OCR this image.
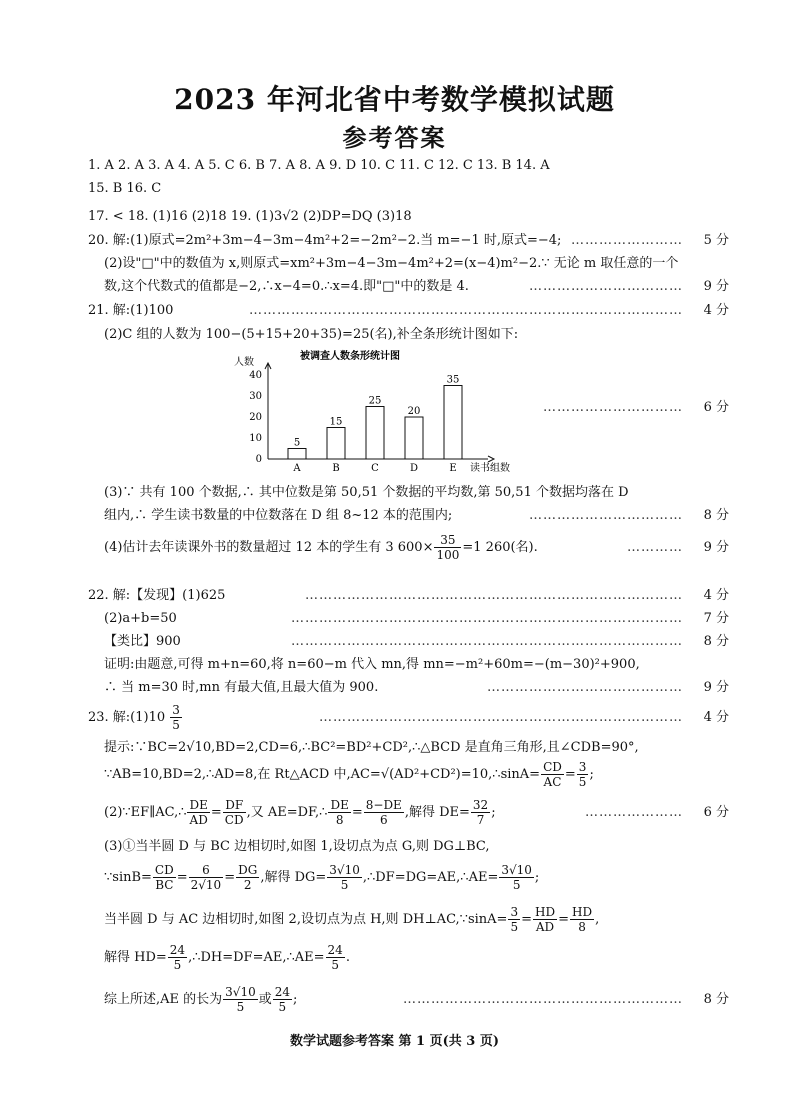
2023 年河北省中考数学模拟试题
参考答案
1. A 2. A 3. A 4. A 5. C 6. B 7. A 8. A 9. D 10. C 11. C 12. C 13. B 14. A
15. B 16. C
17. < 18. (1)16 (2)18 19. (1)3√2 (2)DP=DQ (3)18
20. 解:(1)原式=2m²+3m−4−3m−4m²+2=−2m²−2.当 m=−1 时,原式=−4; …………………… 5 分
(2)设"□"中的数值为 x,则原式=xm²+3m−4−3m−4m²+2=(x−4)m²−2.∵ 无论 m 取任意的一个
数,这个代数式的值都是−2,∴x−4=0.∴x=4.即"□"中的数是 4.	…………………………… 9 分
21. 解:(1)100	………………………………………………………………………………… 4 分
(2)C 组的人数为 100−(5+15+20+35)=25(名),补全条形统计图如下:
被调查人数条形统计图
人数
0
10
20
30
40
5
A
15
B
25
C
20
D
35
E 读书组数
………………………… 6 分
(3)∵ 共有 100 个数据,∴ 其中位数是第 50,51 个数据的平均数,第 50,51 个数据均落在 D
组内,∴ 学生读书数量的中位数落在 D 组 8~12 本的范围内;	…………………………… 8 分
(4)估计去年读课外书的数量超过 12 本的学生有 3 $600\times \frac{35}{100} =1$ 260(名).	………… 9 分
22. 解:【发现】(1)625	……………………………………………………………………… 4 分
(2)a+b=50	………………………………………………………………………… 7 分
【类比】900	………………………………………………………………………… 8 分
证明:由题意,可得 m+n=60,将 n=60−m 代入 mn,得 mn=−m²+60m=−(m−30)²+900,
∴ 当 m=30 时,mn 有最大值,且最大值为 900.	…………………………………… 9 分
23. 解:(1)10 $\frac{3}{5}$	…………………………………………………………………… 4 分
提示:∵BC=2√10,BD=2,CD=6,∴BC²=BD²+CD²,∴△BCD 是直角三角形,且∠CDB=90°,
∵AB=10,BD=2,∴AD=8,在 Rt△ACD 中,AC=√(AD²+CD²)=10,∴sinA= $\frac{CD}{AC} = \frac{3}{5}$ ;
(2)∵EF∥AC,∴ $\frac{DE}{AD} = \frac{DF}{CD}$ ,又 AE=DF,∴ $\frac{DE}{8} = \frac{8-DE}{6}$ ,解得 $DE= \frac{32}{7}$ ;	………………… 6 分
(3)①当半圆 D 与 BC 边相切时,如图 1,设切点为点 G,则 DG⊥BC,
∵sinB= $\frac{CD}{BC} = \frac{6}{2√10} = \frac{DG}{2}$ ,解得 $DG= \frac{3√10}{5}$ ,∴DF=DG=AE,∴AE= $\frac{3√10}{5}$ ;
当半圆 D 与 AC 边相切时,如图 2,设切点为点 H,则 DH⊥AC,∵sinA= $\frac{3}{5} = \frac{HD}{AD} = \frac{HD}{8}$ ,
解得 $HD= \frac{24}{5}$ ,∴DH=DF=AE,∴AE= $\frac{24}{5}$ .
综上所述,AE 的长为 $\frac{3√10}{5}$ 或 $\frac{24}{5}$ ;	…………………………………………………… 8 分
数学试题参考答案 第 1 页(共 3 页)
